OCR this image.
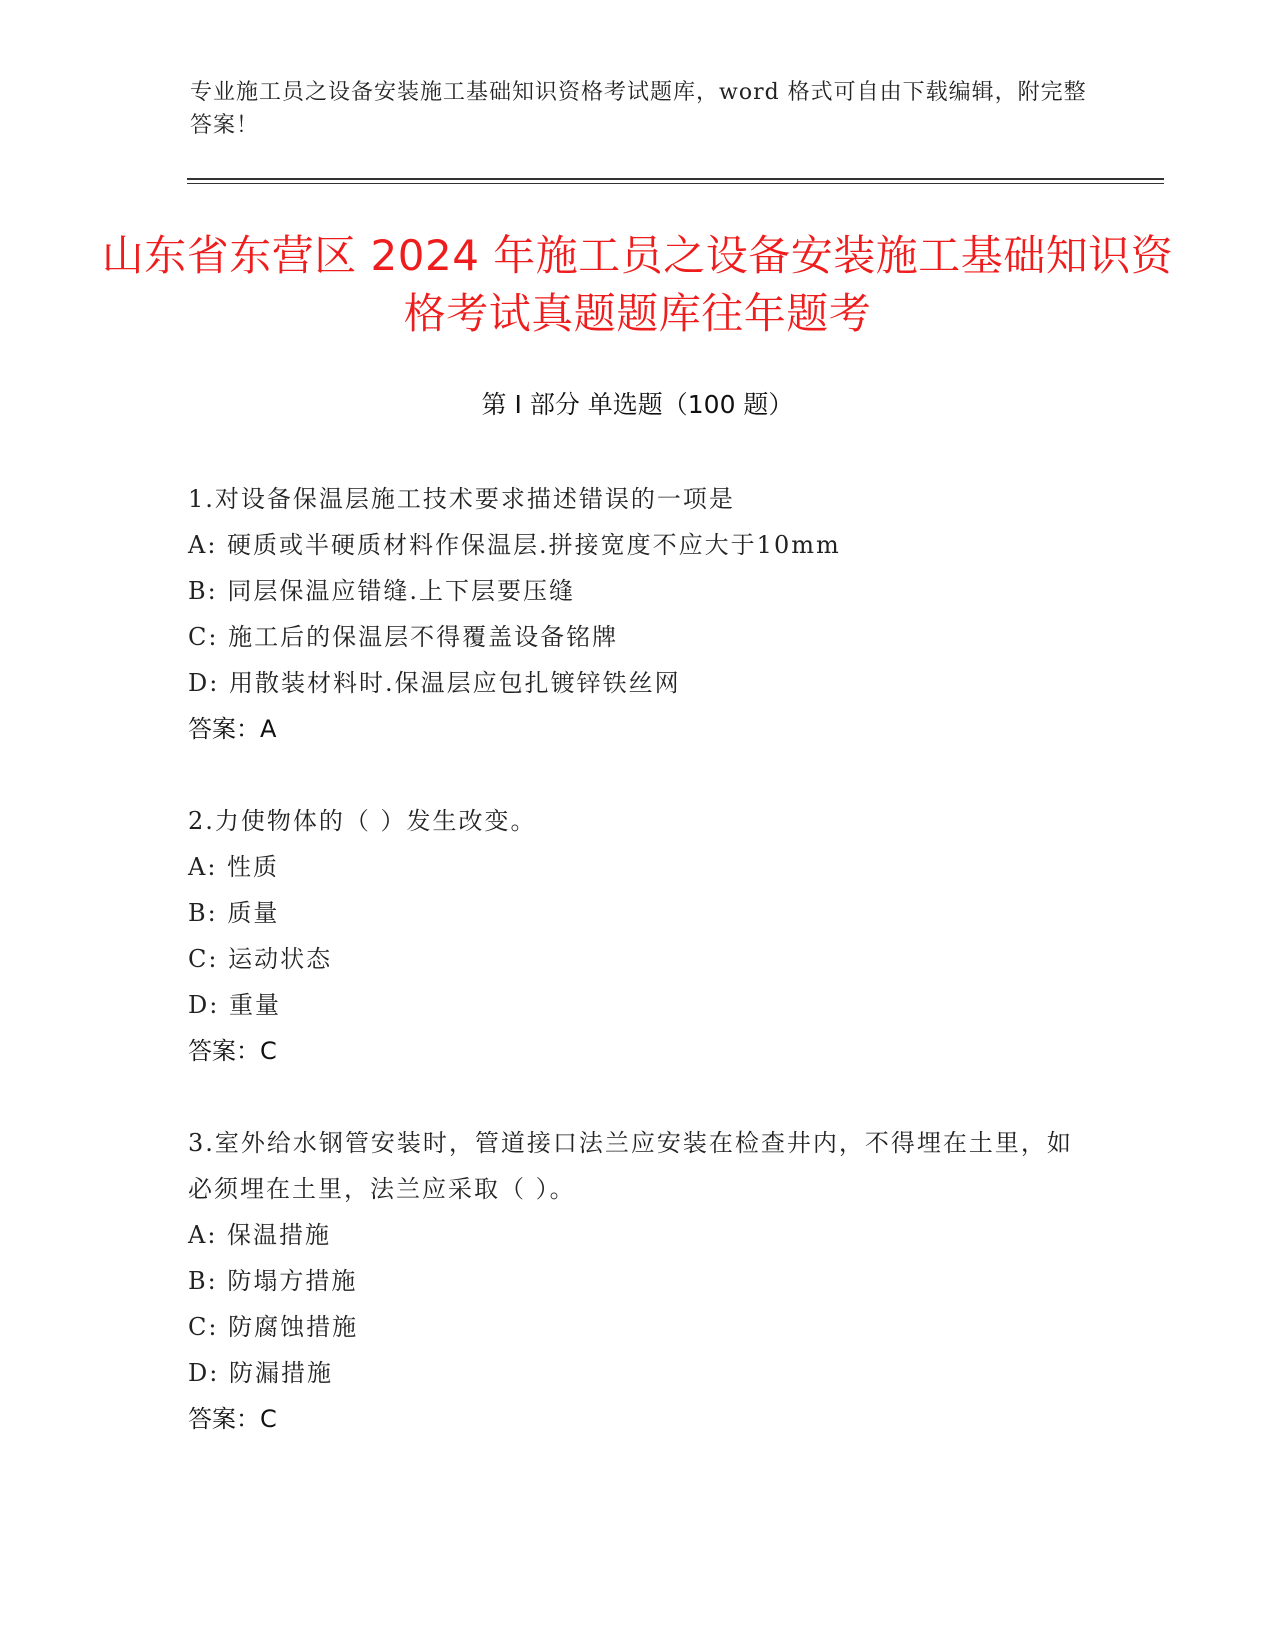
专业施工员之设备安装施工基础知识资格考试题库，word 格式可自由下载编辑，附完整答案！
山东省东营区 2024 年施工员之设备安装施工基础知识资格考试真题题库往年题考
第 I 部分 单选题（100 题）

1.对设备保温层施工技术要求描述错误的一项是

A: 硬质或半硬质材料作保温层.拼接宽度不应大于10mm

B: 同层保温应错缝.上下层要压缝

C: 施工后的保温层不得覆盖设备铭牌

D: 用散装材料时.保温层应包扎镀锌铁丝网

答案：A

2.力使物体的（ ）发生改变。

A: 性质

B: 质量

C: 运动状态

D: 重量

答案：C

3.室外给水钢管安装时，管道接口法兰应安装在检查井内，不得埋在土里，如必须埋在土里，法兰应采取（ ）。

A: 保温措施

B: 防塌方措施

C: 防腐蚀措施

D: 防漏措施

答案：C
